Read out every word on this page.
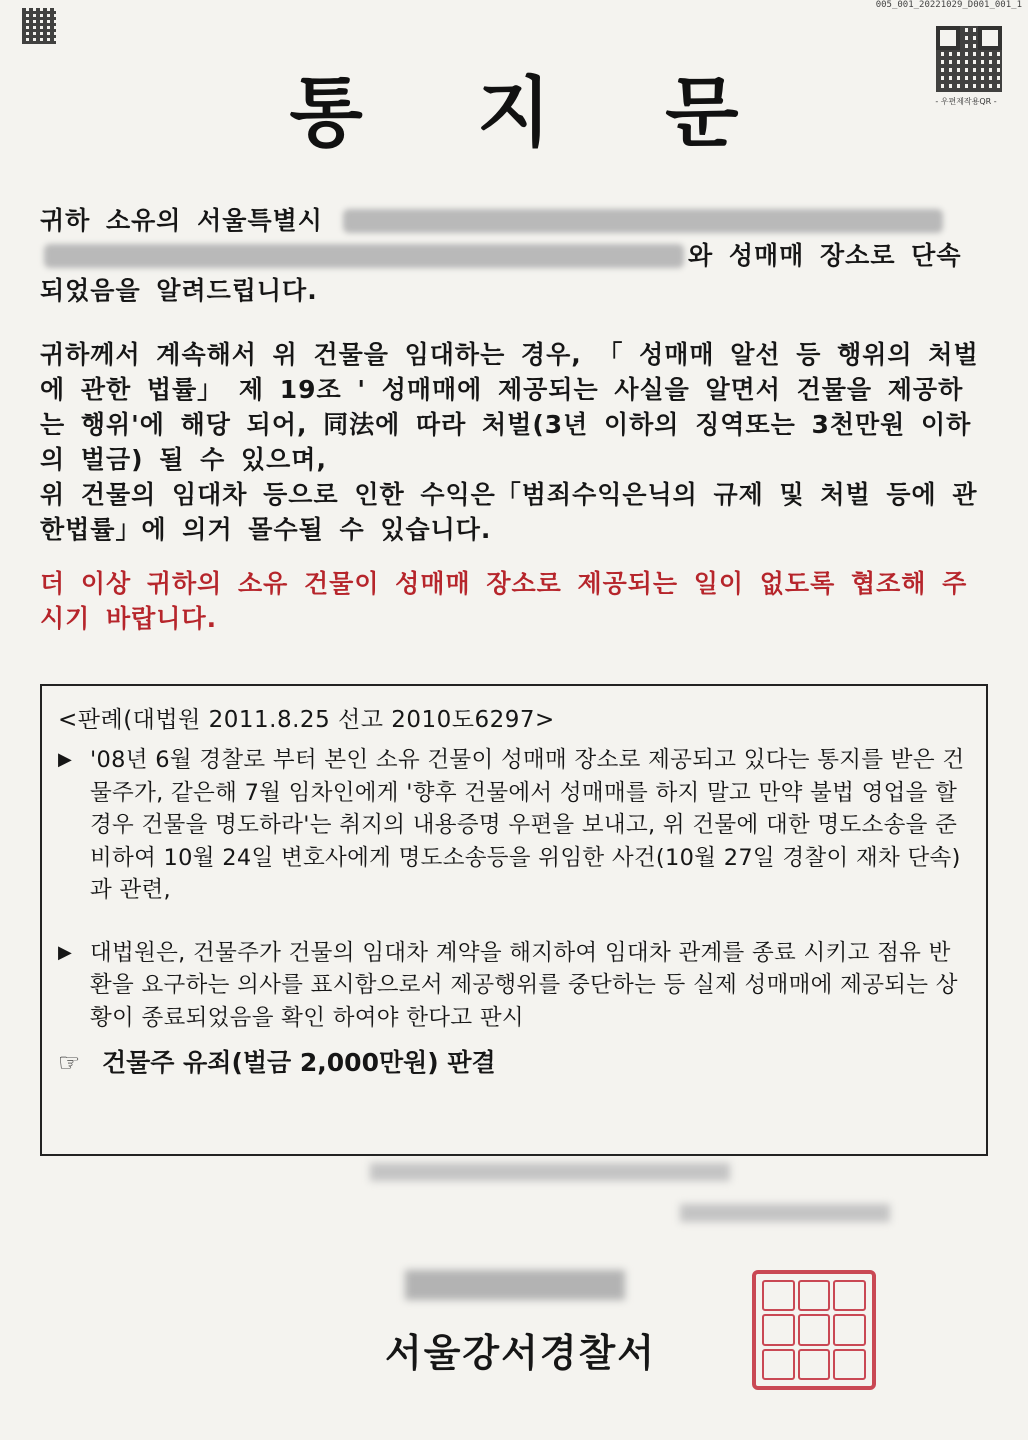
005_001_20221029_D001_001_1
- 우편제작용QR -
통 지 문
귀하 소유의 서울특별시  와 성매매 장소로 단속되었음을 알려드립니다.
귀하께서 계속해서 위 건물을 임대하는 경우, 「 성매매 알선 등 행위의 처벌에 관한 법률」 제 19조 ' 성매매에 제공되는 사실을 알면서 건물을 제공하는 행위'에 해당 되어, 同法에 따라 처벌(3년 이하의 징역또는 3천만원 이하의 벌금) 될 수 있으며,
위 건물의 임대차 등으로 인한 수익은「범죄수익은닉의 규제 및 처벌 등에 관한법률」에 의거 몰수될 수 있습니다.
더 이상 귀하의 소유 건물이 성매매 장소로 제공되는 일이 없도록 협조해 주시기 바랍니다.
<판례(대법원 2011.8.25 선고 2010도6297>
▶ '08년 6월 경찰로 부터 본인 소유 건물이 성매매 장소로 제공되고 있다는 통지를 받은 건물주가, 같은해 7월 임차인에게 '향후 건물에서 성매매를 하지 말고 만약 불법 영업을 할 경우 건물을 명도하라'는 취지의 내용증명 우편을 보내고, 위 건물에 대한 명도소송을 준비하여 10월 24일 변호사에게 명도소송등을 위임한 사건(10월 27일 경찰이 재차 단속)과 관련,
▶ 대법원은, 건물주가 건물의 임대차 계약을 해지하여 임대차 관계를 종료 시키고 점유 반환을 요구하는 의사를 표시함으로서 제공행위를 중단하는 등 실제 성매매에 제공되는 상황이 종료되었음을 확인 하여야 한다고 판시
☞ 건물주 유죄(벌금 2,000만원) 판결
서울강서경찰서
